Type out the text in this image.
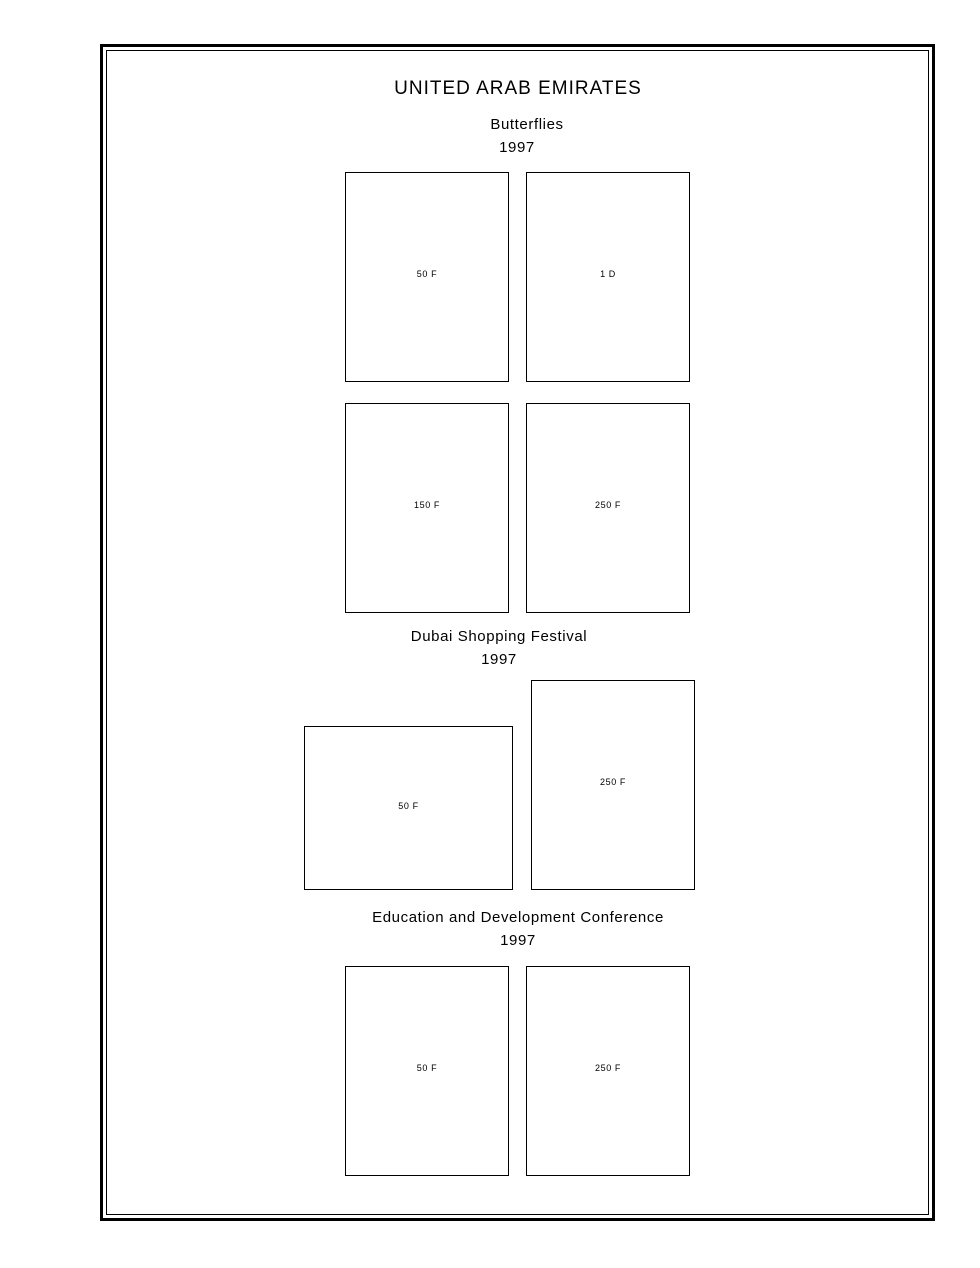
UNITED ARAB EMIRATES
Butterflies
1997
50 F	1 D
150 F	250 F
Dubai Shopping Festival
1997
50 F
250 F
Education and Development Conference
1997
50 F	250 F
